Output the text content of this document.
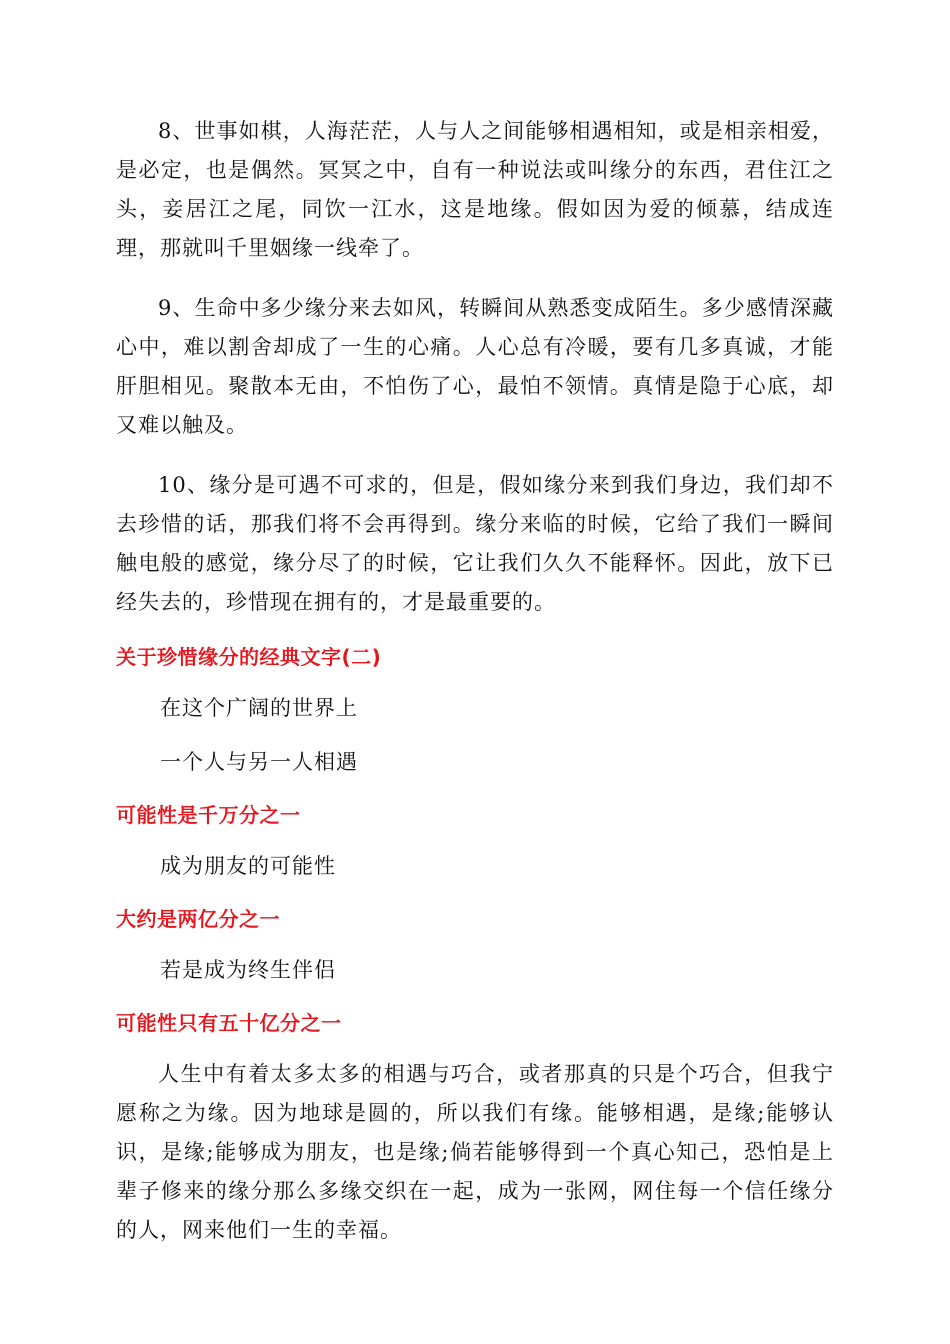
8、世事如棋，人海茫茫，人与人之间能够相遇相知，或是相亲相爱，是必定，也是偶然。冥冥之中，自有一种说法或叫缘分的东西，君住江之头，妾居江之尾，同饮一江水，这是地缘。假如因为爱的倾慕，结成连理，那就叫千里姻缘一线牵了。

9、生命中多少缘分来去如风，转瞬间从熟悉变成陌生。多少感情深藏心中，难以割舍却成了一生的心痛。人心总有冷暖，要有几多真诚，才能肝胆相见。聚散本无由，不怕伤了心，最怕不领情。真情是隐于心底，却又难以触及。

10、缘分是可遇不可求的，但是，假如缘分来到我们身边，我们却不去珍惜的话，那我们将不会再得到。缘分来临的时候，它给了我们一瞬间触电般的感觉，缘分尽了的时候，它让我们久久不能释怀。因此，放下已经失去的，珍惜现在拥有的，才是最重要的。

关于珍惜缘分的经典文字(二)
在这个广阔的世界上
一个人与另一人相遇
可能性是千万分之一
成为朋友的可能性
大约是两亿分之一
若是成为终生伴侣
可能性只有五十亿分之一

人生中有着太多太多的相遇与巧合，或者那真的只是个巧合，但我宁愿称之为缘。因为地球是圆的，所以我们有缘。能够相遇，是缘;能够认识，是缘;能够成为朋友，也是缘;倘若能够得到一个真心知己，恐怕是上辈子修来的缘分那么多缘交织在一起，成为一张网，网住每一个信任缘分的人，网来他们一生的幸福。
